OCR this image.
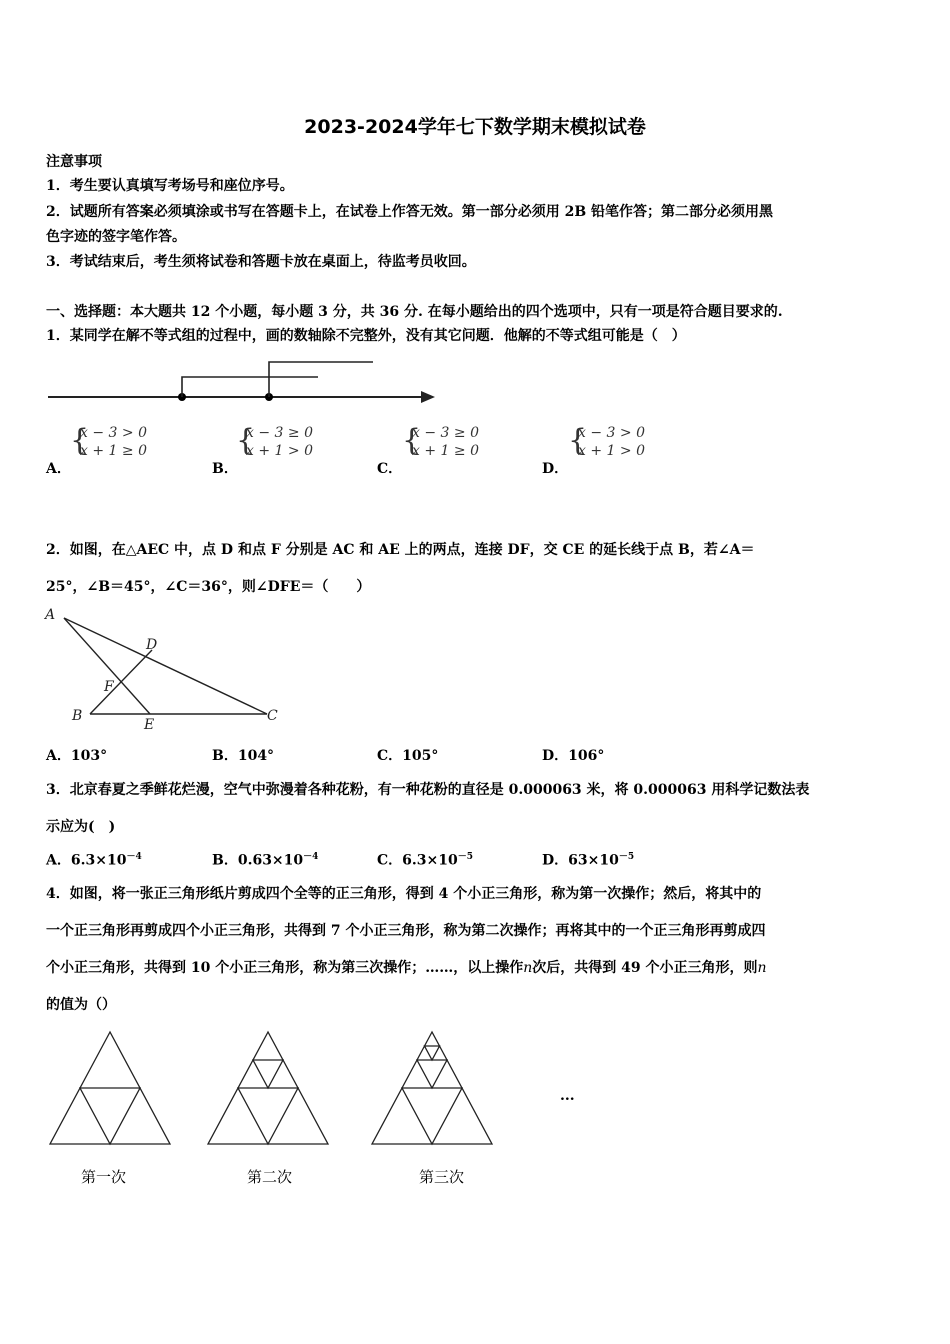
2023-2024学年七下数学期末模拟试卷
注意事项
1．考生要认真填写考场号和座位序号。
2．试题所有答案必须填涂或书写在答题卡上，在试卷上作答无效。第一部分必须用 2B 铅笔作答；第二部分必须用黑
色字迹的签字笔作答。
3．考试结束后，考生须将试卷和答题卡放在桌面上，待监考员收回。
一、选择题：本大题共 12 个小题，每小题 3 分，共 36 分. 在每小题给出的四个选项中，只有一项是符合题目要求的.
1．某同学在解不等式组的过程中，画的数轴除不完整外，没有其它问题．他解的不等式组可能是（　）
A．
{
x − 3 > 0
x + 1 ≥ 0
B．
{
x − 3 ≥ 0
x + 1 > 0
C．
{
x − 3 ≥ 0
x + 1 ≥ 0
D．
{
x − 3 > 0
x + 1 > 0
2．如图，在△AEC 中，点 D 和点 F 分别是 AC 和 AE 上的两点，连接 DF，交 CE 的延长线于点 B，若∠A＝
25°，∠B＝45°，∠C＝36°，则∠DFE＝（　　）
A
D
F
B
E
C
A．103°	B．104°	C．105°	D．106°
3．北京春夏之季鲜花烂漫，空气中弥漫着各种花粉，有一种花粉的直径是 0.000063 米，将 0.000063 用科学记数法表
示应为(　)
A．$6.3\times 10^{-4}$	B．$0.63\times 10^{-4}$	C．$6.3\times 10^{-5}$	D．$63\times 10^{-5}$
4．如图，将一张正三角形纸片剪成四个全等的正三角形，得到 4 个小正三角形，称为第一次操作；然后，将其中的
一个正三角形再剪成四个小正三角形，共得到 7 个小正三角形，称为第二次操作；再将其中的一个正三角形再剪成四
个小正三角形，共得到 10 个小正三角形，称为第三次操作；……，以上操作n次后，共得到 49 个小正三角形，则n
的值为（）
...
第一次	第二次	第三次
